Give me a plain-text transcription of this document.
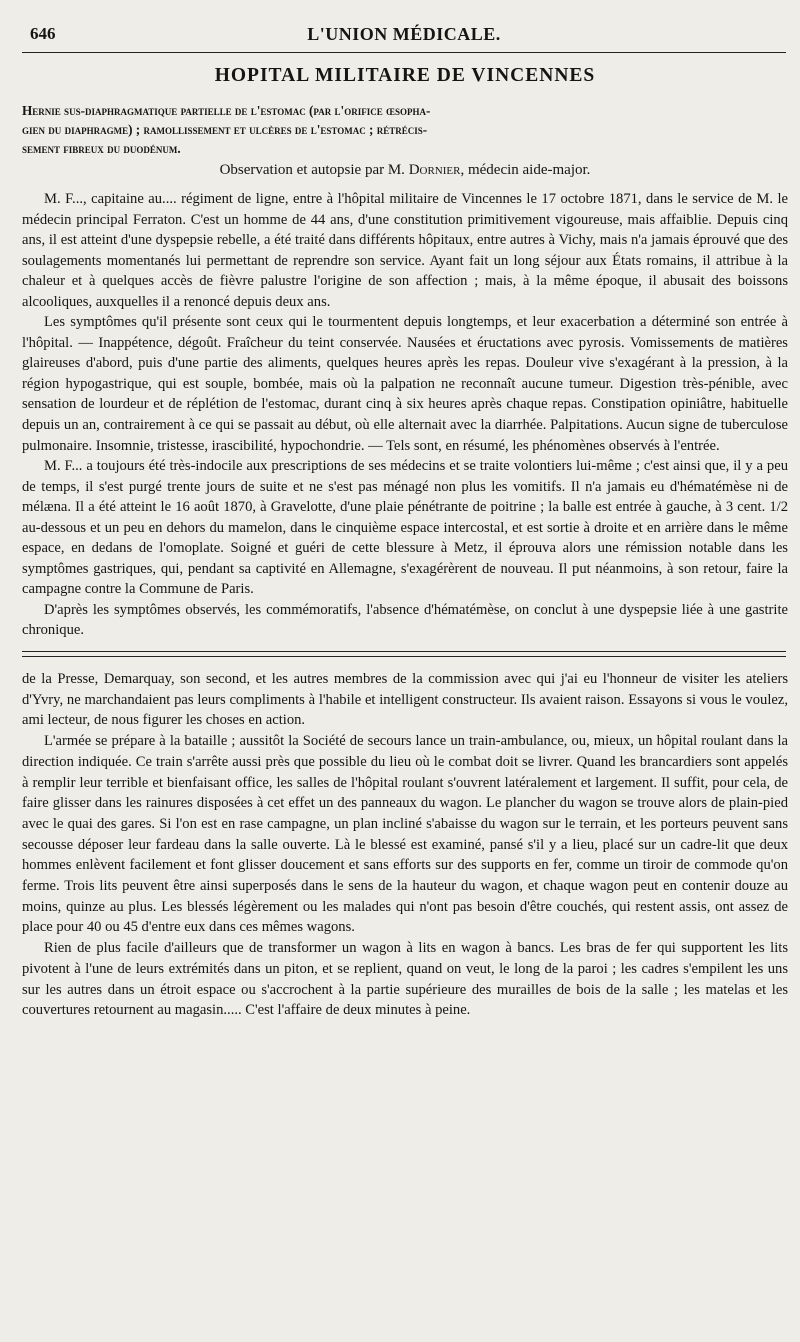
646	L'UNION MÉDICALE.
HOPITAL MILITAIRE DE VINCENNES
Hernie sus-diaphragmatique partielle de l'estomac (par l'orifice œsopha-
gien du diaphragme) ; ramollissement et ulcères de l'estomac ; rétrécis-
sement fibreux du duodénum.
Observation et autopsie par M. Dornier, médecin aide-major.

M. F..., capitaine au.... régiment de ligne, entre à l'hôpital militaire de Vincennes le 17 octobre 1871, dans le service de M. le médecin principal Ferraton. C'est un homme de 44 ans, d'une constitution primitivement vigoureuse, mais affaiblie. Depuis cinq ans, il est atteint d'une dyspepsie rebelle, a été traité dans différents hôpitaux, entre autres à Vichy, mais n'a jamais éprouvé que des soulagements momentanés lui permettant de reprendre son service. Ayant fait un long séjour aux États romains, il attribue à la chaleur et à quelques accès de fièvre palustre l'origine de son affection ; mais, à la même époque, il abusait des boissons alcooliques, auxquelles il a renoncé depuis deux ans.

Les symptômes qu'il présente sont ceux qui le tourmentent depuis longtemps, et leur exacerbation a déterminé son entrée à l'hôpital. — Inappétence, dégoût. Fraîcheur du teint conservée. Nausées et éructations avec pyrosis. Vomissements de matières glaireuses d'abord, puis d'une partie des aliments, quelques heures après les repas. Douleur vive s'exagérant à la pression, à la région hypogastrique, qui est souple, bombée, mais où la palpation ne reconnaît aucune tumeur. Digestion très-pénible, avec sensation de lourdeur et de réplétion de l'estomac, durant cinq à six heures après chaque repas. Constipation opiniâtre, habituelle depuis un an, contrairement à ce qui se passait au début, où elle alternait avec la diarrhée. Palpitations. Aucun signe de tuberculose pulmonaire. Insomnie, tristesse, irascibilité, hypochondrie. — Tels sont, en résumé, les phénomènes observés à l'entrée.

M. F... a toujours été très-indocile aux prescriptions de ses médecins et se traite volontiers lui-même ; c'est ainsi que, il y a peu de temps, il s'est purgé trente jours de suite et ne s'est pas ménagé non plus les vomitifs. Il n'a jamais eu d'hématémèse ni de mélæna. Il a été atteint le 16 août 1870, à Gravelotte, d'une plaie pénétrante de poitrine ; la balle est entrée à gauche, à 3 cent. 1/2 au-dessous et un peu en dehors du mamelon, dans le cinquième espace intercostal, et est sortie à droite et en arrière dans le même espace, en dedans de l'omoplate. Soigné et guéri de cette blessure à Metz, il éprouva alors une rémission notable dans les symptômes gastriques, qui, pendant sa captivité en Allemagne, s'exagérèrent de nouveau. Il put néanmoins, à son retour, faire la campagne contre la Commune de Paris.

D'après les symptômes observés, les commémoratifs, l'absence d'hématémèse, on conclut à une dyspepsie liée à une gastrite chronique.

de la Presse, Demarquay, son second, et les autres membres de la commission avec qui j'ai eu l'honneur de visiter les ateliers d'Yvry, ne marchandaient pas leurs compliments à l'habile et intelligent constructeur. Ils avaient raison. Essayons si vous le voulez, ami lecteur, de nous figurer les choses en action.

L'armée se prépare à la bataille ; aussitôt la Société de secours lance un train-ambulance, ou, mieux, un hôpital roulant dans la direction indiquée. Ce train s'arrête aussi près que possible du lieu où le combat doit se livrer. Quand les brancardiers sont appelés à remplir leur terrible et bienfaisant office, les salles de l'hôpital roulant s'ouvrent latéralement et largement. Il suffit, pour cela, de faire glisser dans les rainures disposées à cet effet un des panneaux du wagon. Le plancher du wagon se trouve alors de plain-pied avec le quai des gares. Si l'on est en rase campagne, un plan incliné s'abaisse du wagon sur le terrain, et les porteurs peuvent sans secousse déposer leur fardeau dans la salle ouverte. Là le blessé est examiné, pansé s'il y a lieu, placé sur un cadre-lit que deux hommes enlèvent facilement et font glisser doucement et sans efforts sur des supports en fer, comme un tiroir de commode qu'on ferme. Trois lits peuvent être ainsi superposés dans le sens de la hauteur du wagon, et chaque wagon peut en contenir douze au moins, quinze au plus. Les blessés légèrement ou les malades qui n'ont pas besoin d'être couchés, qui restent assis, ont assez de place pour 40 ou 45 d'entre eux dans ces mêmes wagons.

Rien de plus facile d'ailleurs que de transformer un wagon à lits en wagon à bancs. Les bras de fer qui supportent les lits pivotent à l'une de leurs extrémités dans un piton, et se replient, quand on veut, le long de la paroi ; les cadres s'empilent les uns sur les autres dans un étroit espace ou s'accrochent à la partie supérieure des murailles de bois de la salle ; les matelas et les couvertures retournent au magasin..... C'est l'affaire de deux minutes à peine.
